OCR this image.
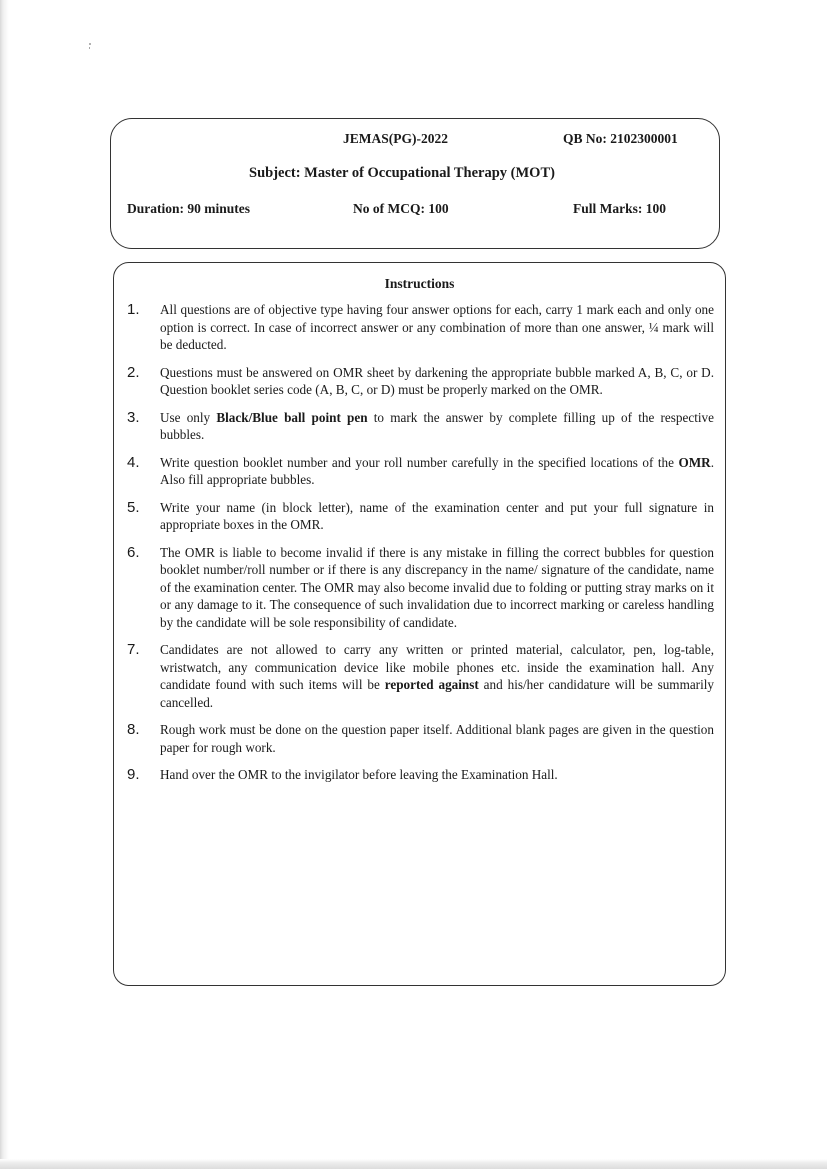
JEMAS(PG)-2022	QB No: 2102300001
Subject: Master of Occupational Therapy (MOT)
Duration: 90 minutes	No of MCQ: 100	Full Marks: 100
Instructions
1.	All questions are of objective type having four answer options for each, carry 1 mark each and only one option is correct. In case of incorrect answer or any combination of more than one answer, ¼ mark will be deducted.
2.	Questions must be answered on OMR sheet by darkening the appropriate bubble marked A, B, C, or D. Question booklet series code (A, B, C, or D) must be properly marked on the OMR.
3.	Use only Black/Blue ball point pen to mark the answer by complete filling up of the respective bubbles.
4.	Write question booklet number and your roll number carefully in the specified locations of the OMR. Also fill appropriate bubbles.
5.	Write your name (in block letter), name of the examination center and put your full signature in appropriate boxes in the OMR.
6.	The OMR is liable to become invalid if there is any mistake in filling the correct bubbles for question booklet number/roll number or if there is any discrepancy in the name/ signature of the candidate, name of the examination center. The OMR may also become invalid due to folding or putting stray marks on it or any damage to it. The consequence of such invalidation due to incorrect marking or careless handling by the candidate will be sole responsibility of candidate.
7.	Candidates are not allowed to carry any written or printed material, calculator, pen, log-table, wristwatch, any communication device like mobile phones etc. inside the examination hall. Any candidate found with such items will be reported against and his/her candidature will be summarily cancelled.
8.	Rough work must be done on the question paper itself. Additional blank pages are given in the question paper for rough work.
9.	Hand over the OMR to the invigilator before leaving the Examination Hall.
